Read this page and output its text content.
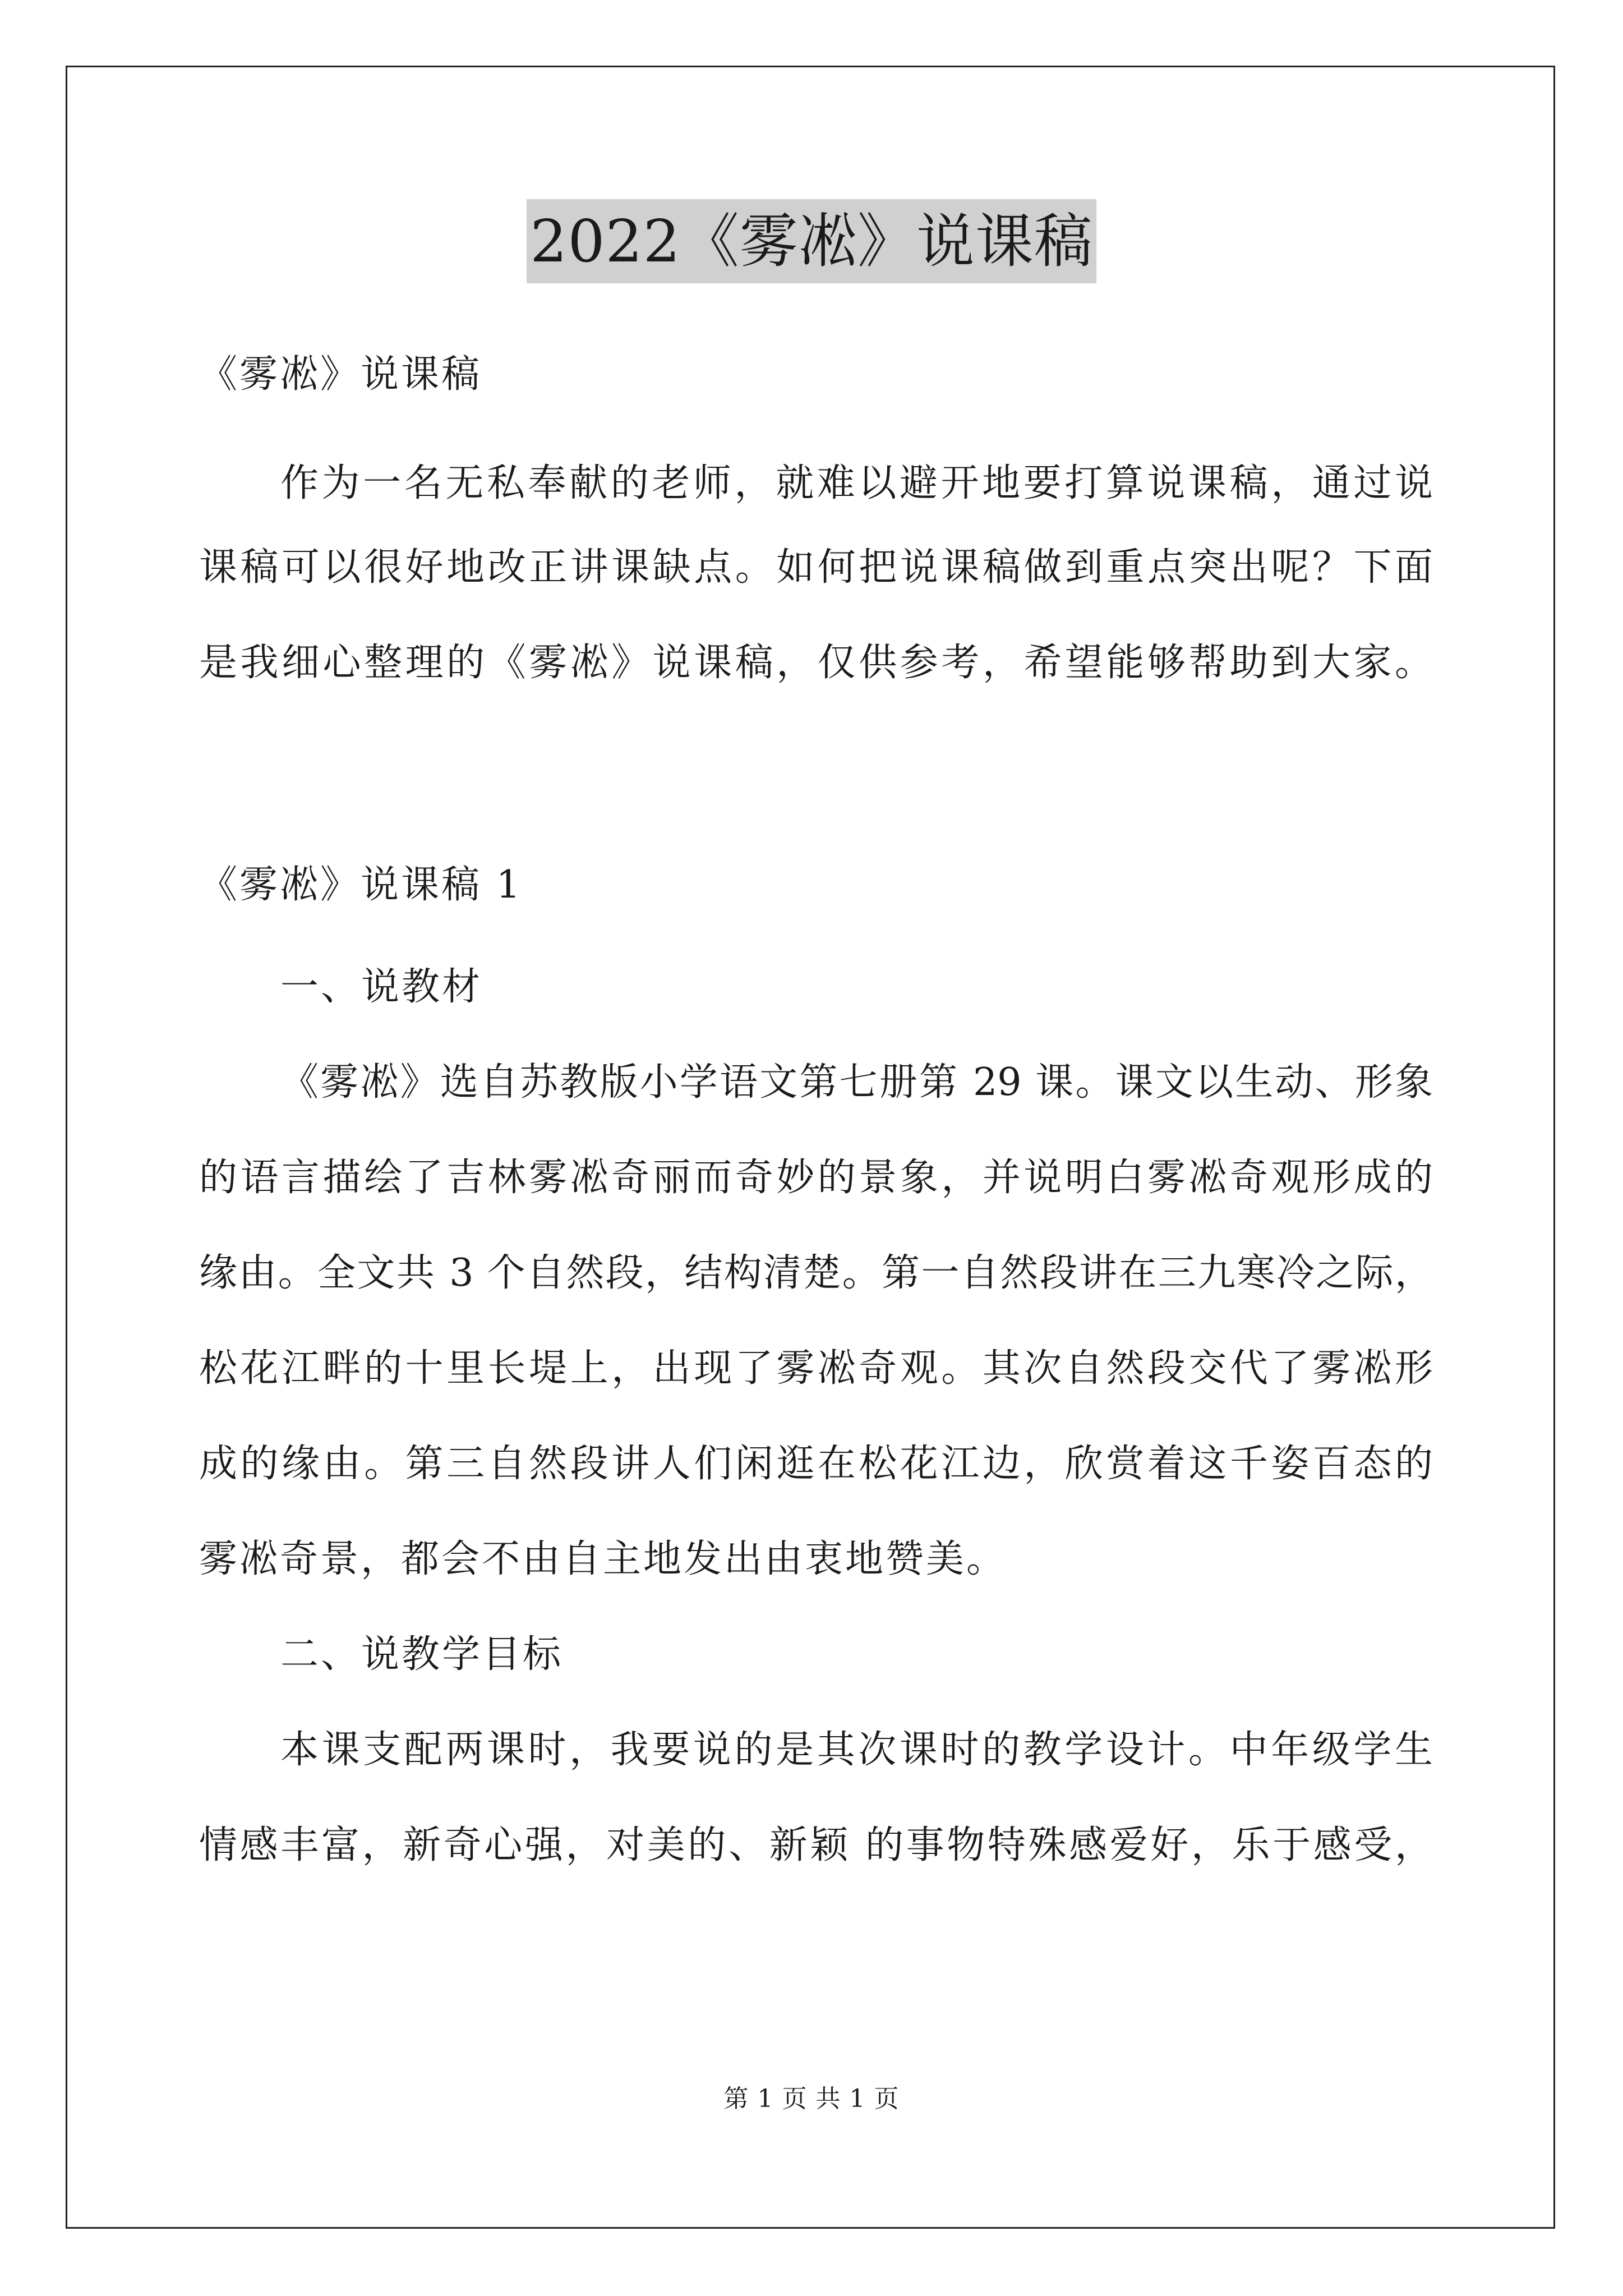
2022《雾凇》说课稿
《雾凇》说课稿
作为一名无私奉献的老师，就难以避开地要打算说课稿，通过说
课稿可以很好地改正讲课缺点。如何把说课稿做到重点突出呢？下面
是我细心整理的《雾凇》说课稿，仅供参考，希望能够帮助到大家。
《雾凇》说课稿 1
一、说教材
《雾凇》选自苏教版小学语文第七册第 29 课。课文以生动、形象
的语言描绘了吉林雾凇奇丽而奇妙的景象，并说明白雾凇奇观形成的
缘由。全文共 3 个自然段，结构清楚。第一自然段讲在三九寒冷之际，
松花江畔的十里长堤上，出现了雾凇奇观。其次自然段交代了雾凇形
成的缘由。第三自然段讲人们闲逛在松花江边，欣赏着这千姿百态的
雾凇奇景，都会不由自主地发出由衷地赞美。
二、说教学目标
本课支配两课时，我要说的是其次课时的教学设计。中年级学生
情感丰富，新奇心强，对美的、新颖 的事物特殊感爱好，乐于感受，
第 1 页 共 1 页
